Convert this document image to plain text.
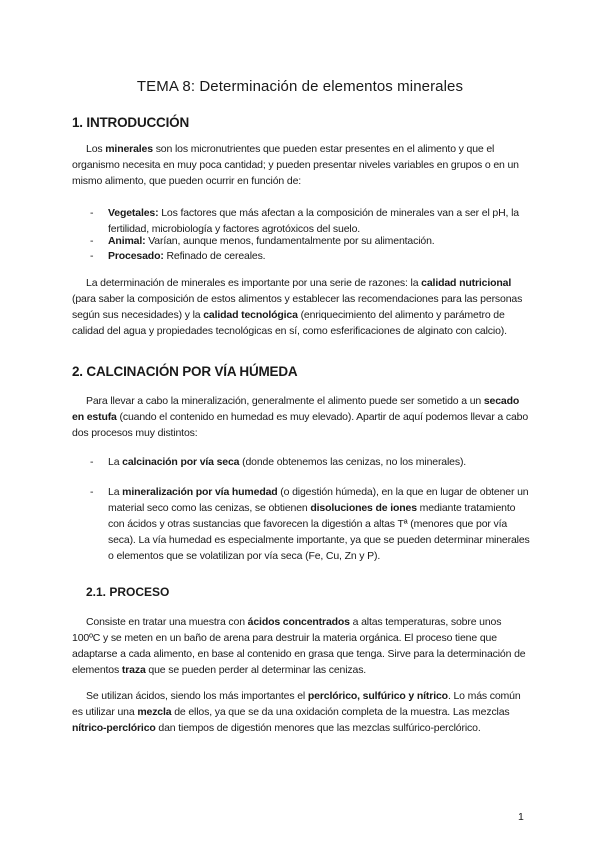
TEMA 8: Determinación de elementos minerales
1. INTRODUCCIÓN

Los minerales son los micronutrientes que pueden estar presentes en el alimento y que el organismo necesita en muy poca cantidad; y pueden presentar niveles variables en grupos o en un mismo alimento, que pueden ocurrir en función de:

- Vegetales: Los factores que más afectan a la composición de minerales van a ser el pH, la fertilidad, microbiología y factores agrotóxicos del suelo.
- Animal: Varían, aunque menos, fundamentalmente por su alimentación.
- Procesado: Refinado de cereales.

La determinación de minerales es importante por una serie de razones: la calidad nutricional (para saber la composición de estos alimentos y establecer las recomendaciones para las personas según sus necesidades) y la calidad tecnológica (enriquecimiento del alimento y parámetro de calidad del agua y propiedades tecnológicas en sí, como esferificaciones de alginato con calcio).

2. CALCINACIÓN POR VÍA HÚMEDA

Para llevar a cabo la mineralización, generalmente el alimento puede ser sometido a un secado en estufa (cuando el contenido en humedad es muy elevado). Apartir de aquí podemos llevar a cabo dos procesos muy distintos:

- La calcinación por vía seca (donde obtenemos las cenizas, no los minerales).
- La mineralización por vía humedad (o digestión húmeda), en la que en lugar de obtener un material seco como las cenizas, se obtienen disoluciones de iones mediante tratamiento con ácidos y otras sustancias que favorecen la digestión a altas Tª (menores que por vía seca). La vía humedad es especialmente importante, ya que se pueden determinar minerales o elementos que se volatilizan por vía seca (Fe, Cu, Zn y P).
2.1. PROCESO

Consiste en tratar una muestra con ácidos concentrados a altas temperaturas, sobre unos 100ºC y se meten en un baño de arena para destruir la materia orgánica. El proceso tiene que adaptarse a cada alimento, en base al contenido en grasa que tenga. Sirve para la determinación de elementos traza que se pueden perder al determinar las cenizas.

Se utilizan ácidos, siendo los más importantes el perclórico, sulfúrico y nítrico. Lo más común es utilizar una mezcla de ellos, ya que se da una oxidación completa de la muestra. Las mezclas nítrico-perclórico dan tiempos de digestión menores que las mezclas sulfúrico-perclórico.

1
